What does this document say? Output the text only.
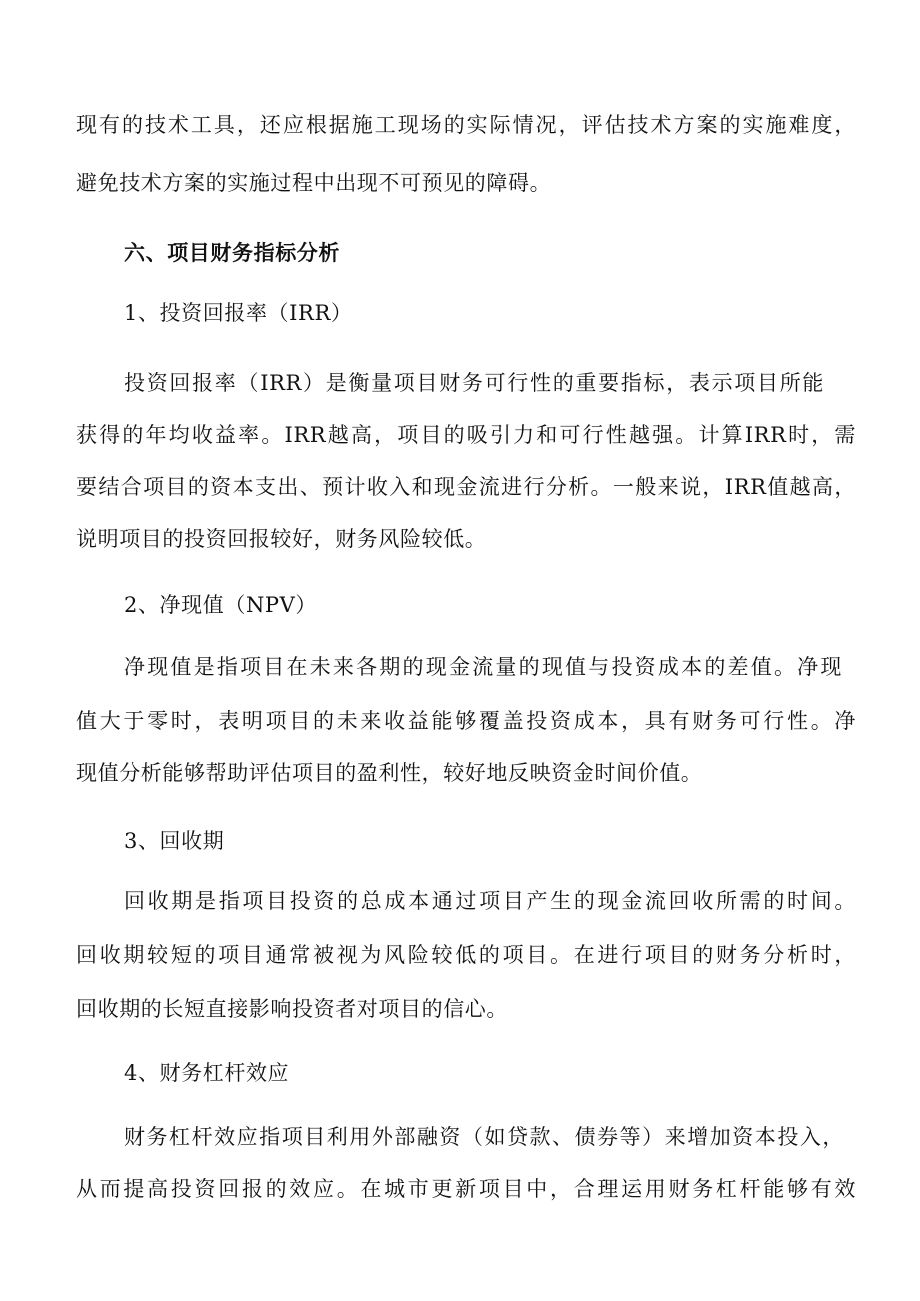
现有的技术工具，还应根据施工现场的实际情况，评估技术方案的实施难度，
避免技术方案的实施过程中出现不可预见的障碍。
六、项目财务指标分析
1、投资回报率（IRR）
投资回报率（IRR）是衡量项目财务可行性的重要指标，表示项目所能
获得的年均收益率。IRR越高，项目的吸引力和可行性越强。计算IRR时，需
要结合项目的资本支出、预计收入和现金流进行分析。一般来说，IRR值越高，
说明项目的投资回报较好，财务风险较低。
2、净现值（NPV）
净现值是指项目在未来各期的现金流量的现值与投资成本的差值。净现
值大于零时，表明项目的未来收益能够覆盖投资成本，具有财务可行性。净
现值分析能够帮助评估项目的盈利性，较好地反映资金时间价值。
3、回收期
回收期是指项目投资的总成本通过项目产生的现金流回收所需的时间。
回收期较短的项目通常被视为风险较低的项目。在进行项目的财务分析时，
回收期的长短直接影响投资者对项目的信心。
4、财务杠杆效应
财务杠杆效应指项目利用外部融资（如贷款、债券等）来增加资本投入，
从而提高投资回报的效应。在城市更新项目中，合理运用财务杠杆能够有效
